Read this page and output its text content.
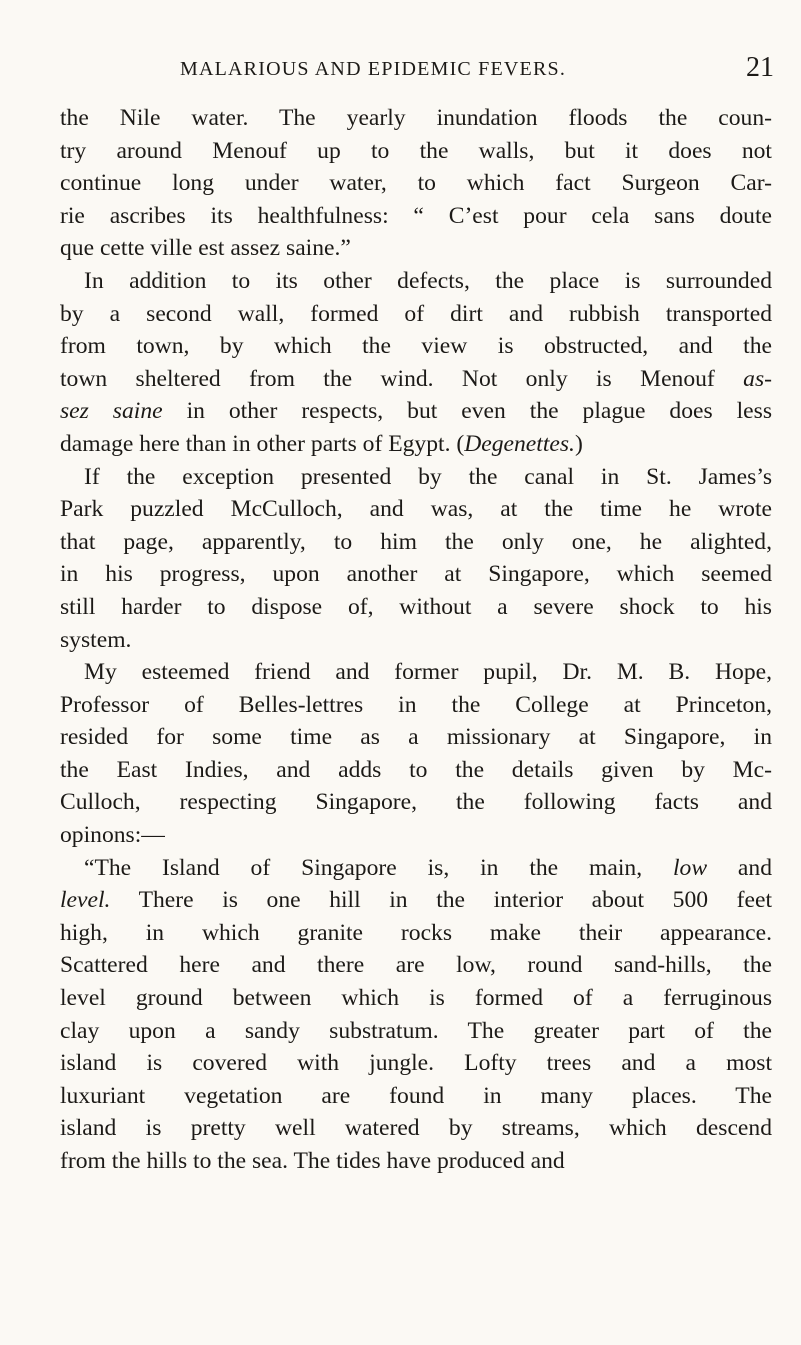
MALARIOUS AND EPIDEMIC FEVERS.	21
the Nile water. The yearly inundation floods the coun-
try around Menouf up to the walls, but it does not
continue long under water, to which fact Surgeon Car-
rie ascribes its healthfulness: “ C’est pour cela sans doute
que cette ville est assez saine.”
In addition to its other defects, the place is surrounded
by a second wall, formed of dirt and rubbish transported
from town, by which the view is obstructed, and the
town sheltered from the wind. Not only is Menouf as-
sez saine in other respects, but even the plague does less
damage here than in other parts of Egypt. (Degenettes.)
If the exception presented by the canal in St. James’s
Park puzzled McCulloch, and was, at the time he wrote
that page, apparently, to him the only one, he alighted,
in his progress, upon another at Singapore, which seemed
still harder to dispose of, without a severe shock to his
system.
My esteemed friend and former pupil, Dr. M. B. Hope,
Professor of Belles-lettres in the College at Princeton,
resided for some time as a missionary at Singapore, in
the East Indies, and adds to the details given by Mc-
Culloch, respecting Singapore, the following facts and
opinons:—
“The Island of Singapore is, in the main, low and
level. There is one hill in the interior about 500 feet
high, in which granite rocks make their appearance.
Scattered here and there are low, round sand-hills, the
level ground between which is formed of a ferruginous
clay upon a sandy substratum. The greater part of the
island is covered with jungle. Lofty trees and a most
luxuriant vegetation are found in many places. The
island is pretty well watered by streams, which descend
from the hills to the sea. The tides have produced and
